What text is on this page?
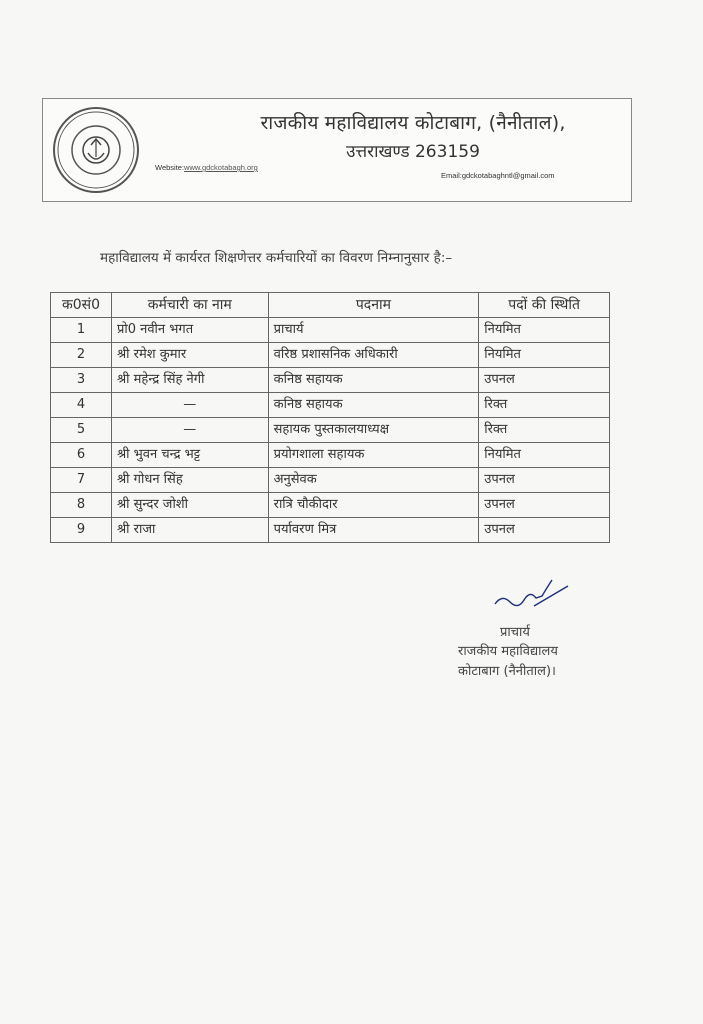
राजकीय महाविद्यालय कोटाबाग, (नैनीताल),
उत्तराखण्ड 263159
Website:www.gdckotabagh.org
Email:gdckotabaghntl@gmail.com
महाविद्यालय में कार्यरत शिक्षणेत्तर कर्मचारियों का विवरण निम्नानुसार है:–
क0सं0	कर्मचारी का नाम	पदनाम	पदों की स्थिति
1	प्रो0 नवीन भगत	प्राचार्य	नियमित
2	श्री रमेश कुमार	वरिष्ठ प्रशासनिक अधिकारी	नियमित
3	श्री महेन्द्र सिंह नेगी	कनिष्ठ सहायक	उपनल
4	—	कनिष्ठ सहायक	रिक्त
5	—	सहायक पुस्तकालयाध्यक्ष	रिक्त
6	श्री भुवन चन्द्र भट्ट	प्रयोगशाला सहायक	नियमित
7	श्री गोधन सिंह	अनुसेवक	उपनल
8	श्री सुन्दर जोशी	रात्रि चौकीदार	उपनल
9	श्री राजा	पर्यावरण मित्र	उपनल
प्राचार्य
राजकीय महाविद्यालय
कोटाबाग (नैनीताल)।
